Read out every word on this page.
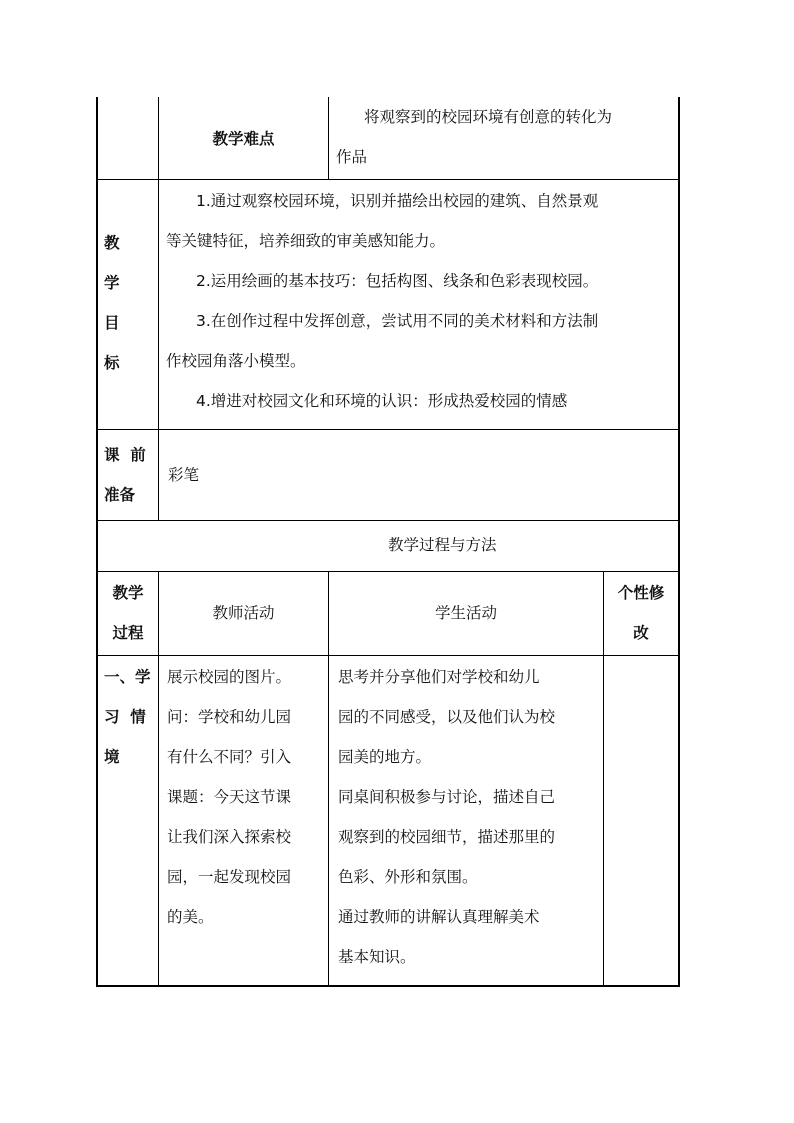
教学难点
将观察到的校园环境有创意的转化为
作品
教
学
目
标
1.通过观察校园环境，识别并描绘出校园的建筑、自然景观
等关键特征，培养细致的审美感知能力。
2.运用绘画的基本技巧：包括构图、线条和色彩表现校园。
3.在创作过程中发挥创意，尝试用不同的美术材料和方法制
作校园角落小模型。
4.增进对校园文化和环境的认识：形成热爱校园的情感
课  前
准备
彩笔
教学过程与方法
教学
过程
教师活动	学生活动
个性修
改
一、学
习  情
境
展示校园的图片。
问：学校和幼儿园
有什么不同？引入
课题：今天这节课
让我们深入探索校
园，一起发现校园
的美。
思考并分享他们对学校和幼儿
园的不同感受，以及他们认为校
园美的地方。
同桌间积极参与讨论，描述自己
观察到的校园细节，描述那里的
色彩、外形和氛围。
通过教师的讲解认真理解美术
基本知识。
